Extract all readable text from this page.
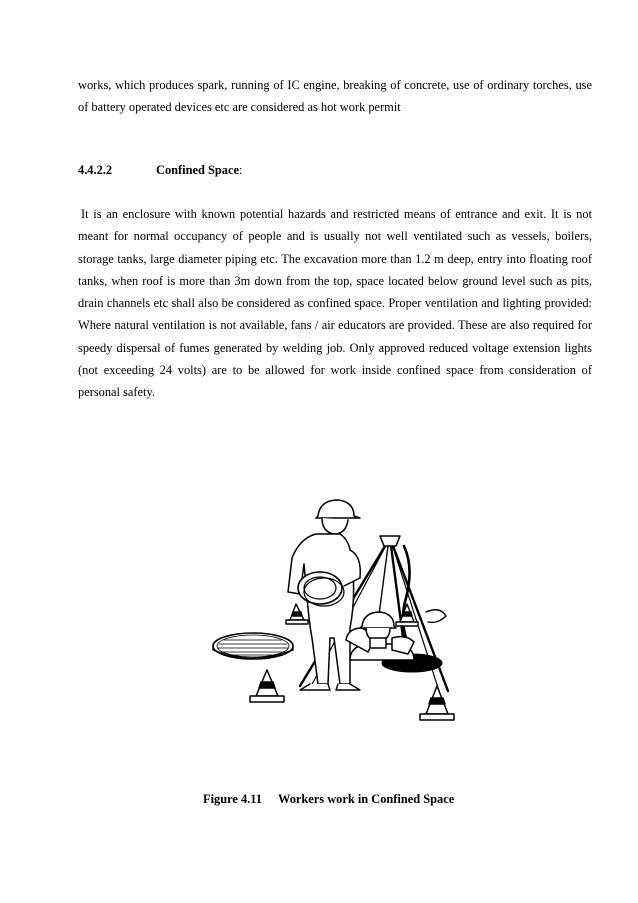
works, which produces spark, running of IC engine, breaking of concrete, use of ordinary torches, use of battery operated devices etc are considered as hot work permit

4.4.2.2	Confined Space:

It is an enclosure with known potential hazards and restricted means of entrance and exit. It is not meant for normal occupancy of people and is usually not well ventilated such as vessels, boilers, storage tanks, large diameter piping etc. The excavation more than 1.2 m deep, entry into floating roof tanks, when roof is more than 3m down from the top, space located below ground level such as pits, drain channels etc shall also be considered as confined space. Proper ventilation and lighting provided: Where natural ventilation is not available, fans / air educators are provided. These are also required for speedy dispersal of fumes generated by welding job. Only approved reduced voltage extension lights (not exceeding 24 volts) are to be allowed for work inside confined space from consideration of personal safety.

Figure 4.11 Workers work in Confined Space
